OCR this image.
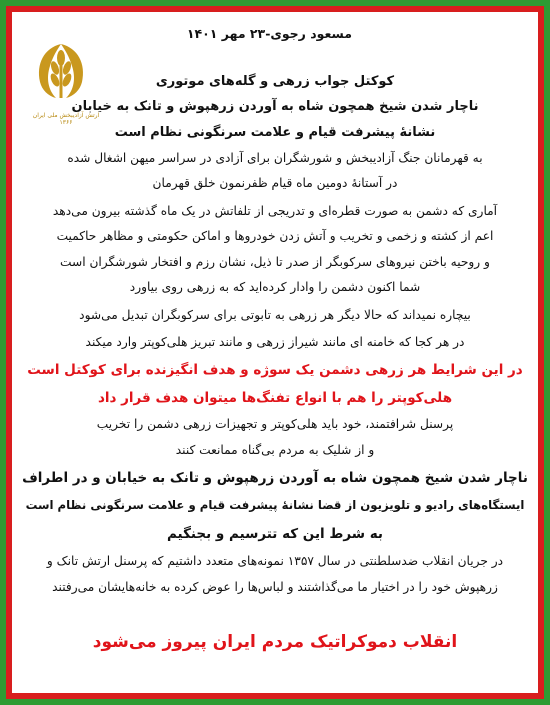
ارتش آزادیبخش ملی ایران ۱۳۶۶
مسعود رجوی-۲۳ مهر ۱۴۰۱
کوکتل جواب زرهی و گله‌های موتوری
ناچار شدن شیخ همچون شاه به آوردن زرهپوش و تانک به خیابان
نشانهٔ پیشرفت قیام و علامت سرنگونی نظام است
به قهرمانان جنگ آزادیبخش و شورشگران برای آزادی در سراسر میهن اشغال شده
در آستانهٔ دومین ماه قیام ظفرنمون خلق قهرمان
آماری که دشمن به صورت قطره‌ای و تدریجی از تلفاتش در یک ماه گذشته بیرون می‌دهد
اعم از کشته و زخمی و تخریب و آتش زدن خودروها و اماکن حکومتی و مظاهر حاکمیت
و روحیه باختن نیروهای سرکوبگر از صدر تا ذیل، نشان رزم و افتخار شورشگران است
شما اکنون دشمن را وادار کرده‌اید که به زرهی روی بیاورد
بیچاره نمیداند که حالا دیگر هر زرهی به تابوتی برای سرکوبگران تبدیل می‌شود
در هر کجا که خامنه ای مانند شیراز زرهی و مانند تبریز هلی‌کوپتر وارد میکند
در این شرایط هر زرهی دشمن یک سوژه و هدف انگیزنده برای کوکتل است
هلی‌کوپتر را هم با انواع تفنگ‌ها میتوان هدف قرار داد
پرسنل شرافتمند، خود باید هلی‌کوپتر و تجهیزات زرهی دشمن را تخریب
و از شلیک به مردم بی‌گناه ممانعت کنند
ناچار شدن شیخ همچون شاه به آوردن زرهپوش و تانک به خیابان و در اطراف
ایستگاه‌های رادیو و تلویزیون از قضا نشانهٔ پیشرفت قیام و علامت سرنگونی نظام است
به شرط این که تترسیم و بجنگیم
در جریان انقلاب ضدسلطنتی در سال ۱۳۵۷ نمونه‌های متعدد داشتیم که پرسنل ارتش تانک و
زرهپوش خود را در اختیار ما می‌گذاشتند و لباس‌ها را عوض کرده به خانه‌هایشان می‌رفتند
انقلاب دموکراتیک مردم ایران پیروز می‌شود
